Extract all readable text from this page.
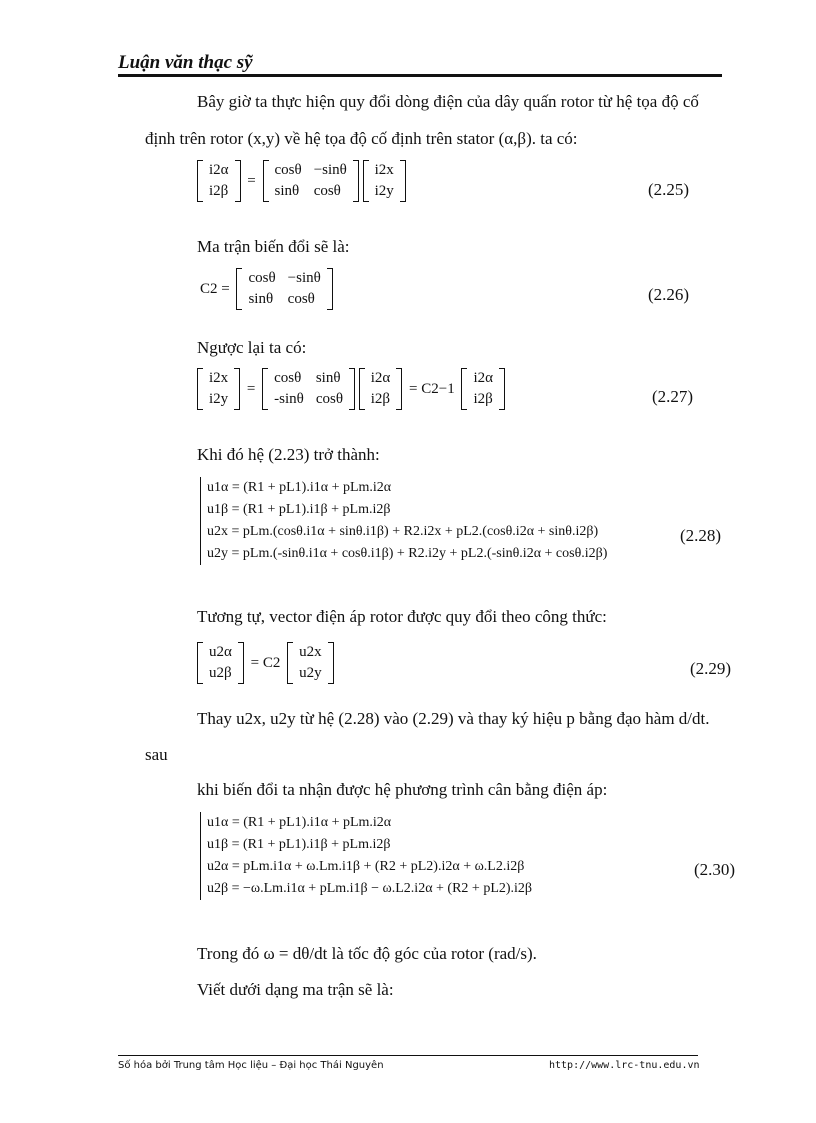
Luận văn thạc sỹ
Bây giờ ta thực hiện quy đổi dòng điện của dây quấn rotor từ hệ tọa độ cố
định trên rotor (x,y) về hệ tọa độ cố định trên stator (α,β). ta có:
i2α
i2β
=
cosθ	−sinθ
sinθ	cosθ

i2x
i2y	(2.25)
Ma trận biến đổi sẽ là:
C2 =
cosθ	−sinθ
sinθ	cosθ	(2.26)
Ngược lại ta có:
i2x
i2y
=
cosθ	sinθ
-sinθ	cosθ

i2α
i2β
= C2−1
i2α
i2β	(2.27)
Khi đó hệ (2.23) trở thành:
u1α = (R1 + pL1).i1α + pLm.i2α
u1β = (R1 + pL1).i1β + pLm.i2β
u2x = pLm.(cosθ.i1α + sinθ.i1β) + R2.i2x + pL2.(cosθ.i2α + sinθ.i2β)
u2y = pLm.(-sinθ.i1α + cosθ.i1β) + R2.i2y + pL2.(-sinθ.i2α + cosθ.i2β)
(2.28)
Tương tự, vector điện áp rotor được quy đổi theo công thức:
u2α
u2β
= C2
u2x
u2y	(2.29)
Thay u2x, u2y từ hệ (2.28) vào (2.29) và thay ký hiệu p bằng đạo hàm d/dt.
sau
khi biến đổi ta nhận được hệ phương trình cân bằng điện áp:
u1α = (R1 + pL1).i1α + pLm.i2α
u1β = (R1 + pL1).i1β + pLm.i2β
u2α = pLm.i1α + ω.Lm.i1β + (R2 + pL2).i2α + ω.L2.i2β
u2β = −ω.Lm.i1α + pLm.i1β − ω.L2.i2α + (R2 + pL2).i2β
(2.30)
Trong đó ω = dθ/dt là tốc độ góc của rotor (rad/s).
Viết dưới dạng ma trận sẽ là:
Số hóa bởi Trung tâm Học liệu – Đại học Thái Nguyên	http://www.lrc-tnu.edu.vn
